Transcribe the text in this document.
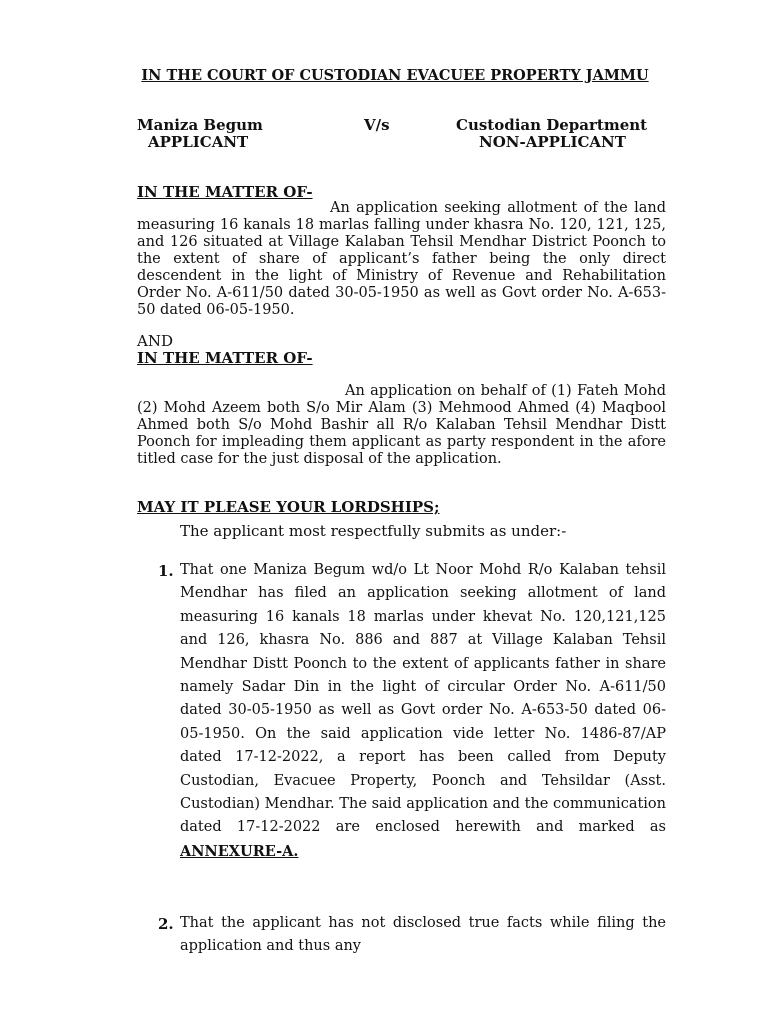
IN THE COURT OF CUSTODIAN EVACUEE PROPERTY JAMMU
Maniza Begum	V/s	Custodian Department
APPLICANT	NON-APPLICANT
IN THE MATTER OF-
An application seeking allotment of the land measuring 16 kanals 18 marlas falling under khasra No. 120, 121, 125, and 126 situated at Village Kalaban Tehsil Mendhar District Poonch to the extent of share of applicant’s father being the only direct descendent in the light of Ministry of Revenue and Rehabilitation Order No. A-611/50 dated 30-05-1950 as well as Govt order No. A-653-50 dated 06-05-1950.
AND
IN THE MATTER OF-
An application on behalf of (1) Fateh Mohd (2) Mohd Azeem both S/o Mir Alam (3) Mehmood Ahmed (4) Maqbool Ahmed both S/o Mohd Bashir all R/o Kalaban Tehsil Mendhar Distt Poonch for impleading them applicant as party respondent in the afore titled case for the just disposal of the application.
MAY IT PLEASE YOUR LORDSHIPS;
The applicant most respectfully submits as under:-
1. That one Maniza Begum wd/o Lt Noor Mohd R/o Kalaban tehsil Mendhar has filed an application seeking allotment of land measuring 16 kanals 18 marlas under khevat No. 120,121,125 and 126, khasra No. 886 and 887 at Village Kalaban Tehsil Mendhar Distt Poonch to the extent of applicants father in share namely Sadar Din in the light of circular Order No. A-611/50 dated 30-05-1950 as well as Govt order No. A-653-50 dated 06-05-1950. On the said application vide letter No. 1486-87/AP dated 17-12-2022, a report has been called from Deputy Custodian, Evacuee Property, Poonch and Tehsildar (Asst. Custodian) Mendhar. The said application and the communication dated 17-12-2022 are enclosed herewith and marked as ANNEXURE-A.
2. That the applicant has not disclosed true facts while filing the application and thus any
